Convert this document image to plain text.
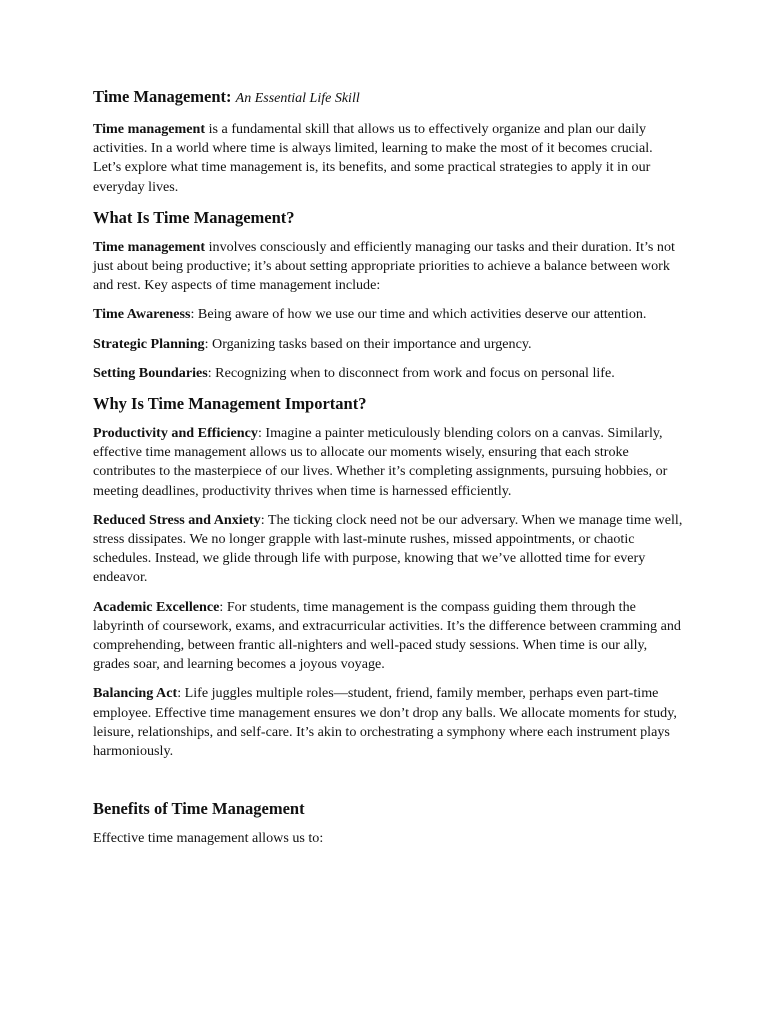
Time Management: An Essential Life Skill

Time management is a fundamental skill that allows us to effectively organize and plan our daily activities. In a world where time is always limited, learning to make the most of it becomes crucial. Let’s explore what time management is, its benefits, and some practical strategies to apply it in our everyday lives.

What Is Time Management?

Time management involves consciously and efficiently managing our tasks and their duration. It’s not just about being productive; it’s about setting appropriate priorities to achieve a balance between work and rest. Key aspects of time management include:

Time Awareness: Being aware of how we use our time and which activities deserve our attention.

Strategic Planning: Organizing tasks based on their importance and urgency.

Setting Boundaries: Recognizing when to disconnect from work and focus on personal life.

Why Is Time Management Important?

Productivity and Efficiency: Imagine a painter meticulously blending colors on a canvas. Similarly, effective time management allows us to allocate our moments wisely, ensuring that each stroke contributes to the masterpiece of our lives. Whether it’s completing assignments, pursuing hobbies, or meeting deadlines, productivity thrives when time is harnessed efficiently.

Reduced Stress and Anxiety: The ticking clock need not be our adversary. When we manage time well, stress dissipates. We no longer grapple with last-minute rushes, missed appointments, or chaotic schedules. Instead, we glide through life with purpose, knowing that we’ve allotted time for every endeavor.

Academic Excellence: For students, time management is the compass guiding them through the labyrinth of coursework, exams, and extracurricular activities. It’s the difference between cramming and comprehending, between frantic all-nighters and well-paced study sessions. When time is our ally, grades soar, and learning becomes a joyous voyage.

Balancing Act: Life juggles multiple roles—student, friend, family member, perhaps even part-time employee. Effective time management ensures we don’t drop any balls. We allocate moments for study, leisure, relationships, and self-care. It’s akin to orchestrating a symphony where each instrument plays harmoniously.

Benefits of Time Management

Effective time management allows us to:
